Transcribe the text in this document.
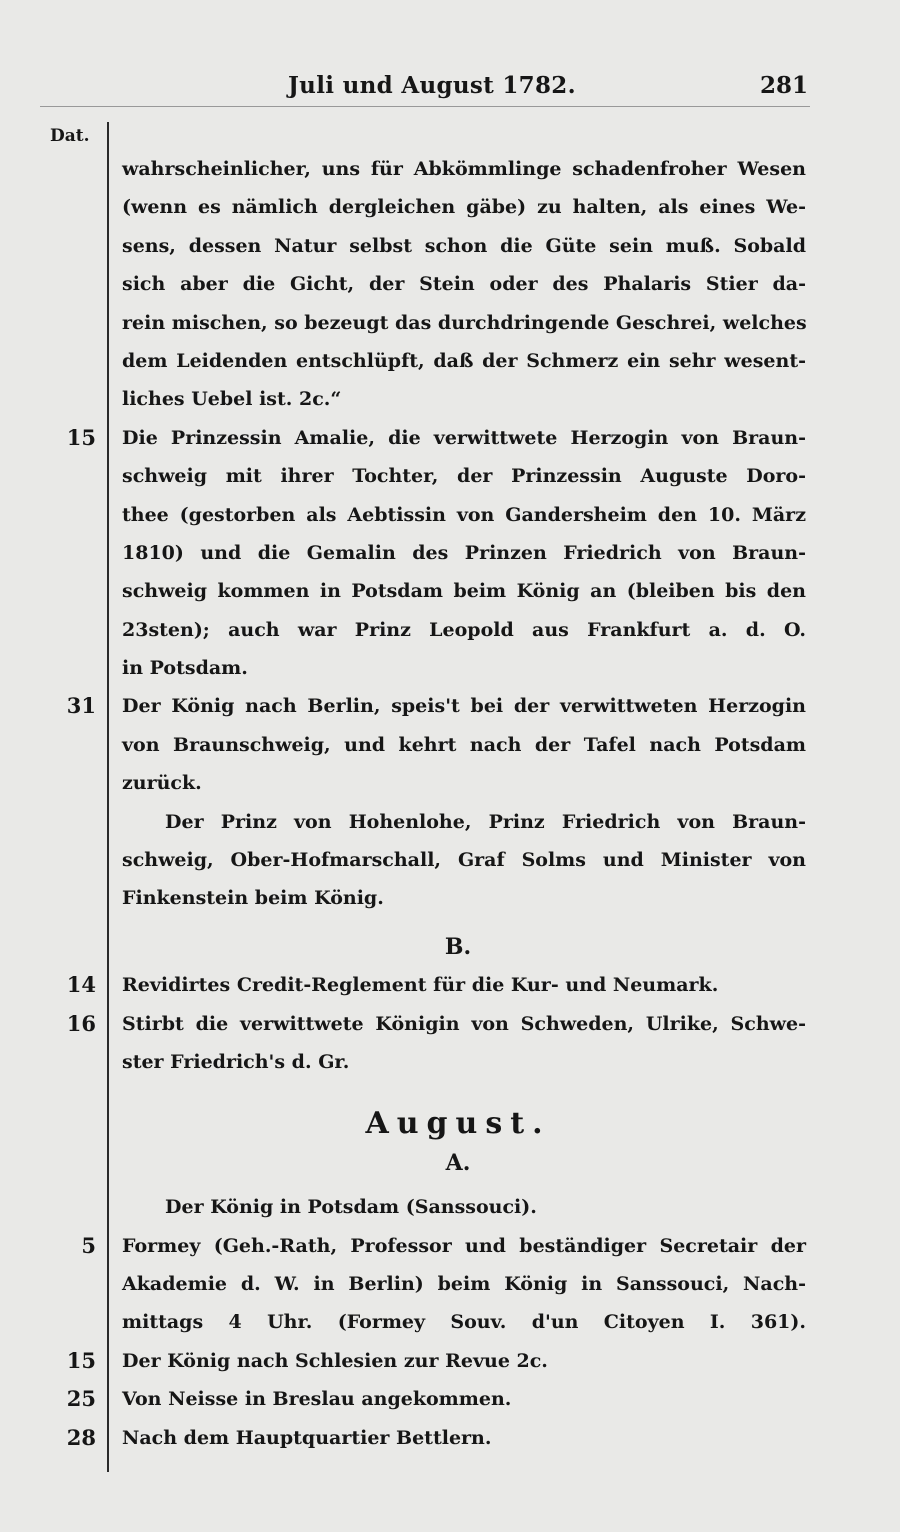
Juli und August 1782.	281
Dat.
wahrscheinlicher, uns für Abkömmlinge schadenfroher Wesen
(wenn es nämlich dergleichen gäbe) zu halten, als eines We-
sens, dessen Natur selbst schon die Güte sein muß. Sobald
sich aber die Gicht, der Stein oder des Phalaris Stier da-
rein mischen, so bezeugt das durchdringende Geschrei, welches
dem Leidenden entschlüpft, daß der Schmerz ein sehr wesent-
liches Uebel ist. 2c.“
15 Die Prinzessin Amalie, die verwittwete Herzogin von Braun-
schweig mit ihrer Tochter, der Prinzessin Auguste Doro-
thee (gestorben als Aebtissin von Gandersheim den 10. März
1810) und die Gemalin des Prinzen Friedrich von Braun-
schweig kommen in Potsdam beim König an (bleiben bis den
23sten); auch war Prinz Leopold aus Frankfurt a. d. O.
in Potsdam.
31 Der König nach Berlin, speis't bei der verwittweten Herzogin
von Braunschweig, und kehrt nach der Tafel nach Potsdam
zurück.
Der Prinz von Hohenlohe, Prinz Friedrich von Braun-
schweig, Ober-Hofmarschall, Graf Solms und Minister von
Finkenstein beim König.
B.
14 Revidirtes Credit-Reglement für die Kur- und Neumark.
16 Stirbt die verwittwete Königin von Schweden, Ulrike, Schwe-
ster Friedrich's d. Gr.
August.
A.
Der König in Potsdam (Sanssouci).
5 Formey (Geh.-Rath, Professor und beständiger Secretair der
Akademie d. W. in Berlin) beim König in Sanssouci, Nach-
mittags 4 Uhr. (Formey Souv. d'un Citoyen I. 361).
15 Der König nach Schlesien zur Revue 2c.
25 Von Neisse in Breslau angekommen.
28 Nach dem Hauptquartier Bettlern.
